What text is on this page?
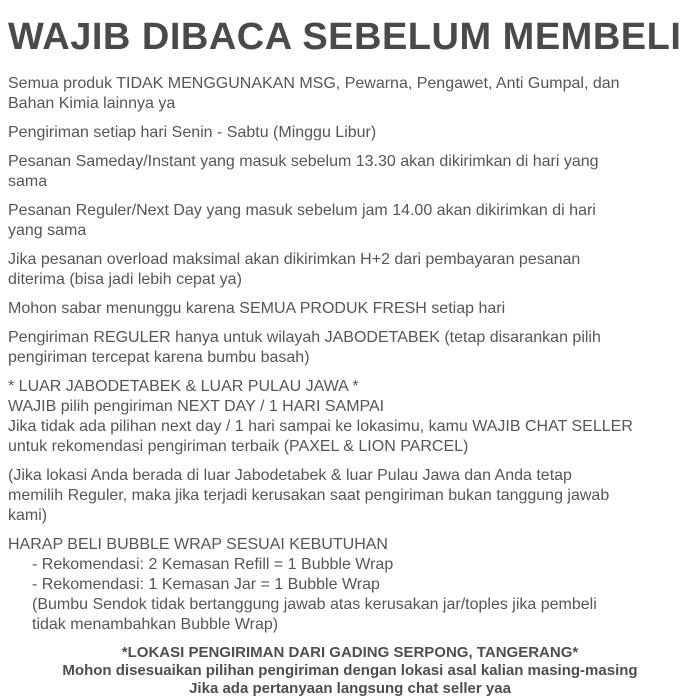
WAJIB DIBACA SEBELUM MEMBELI
Semua produk TIDAK MENGGUNAKAN MSG, Pewarna, Pengawet, Anti Gumpal, dan
Bahan Kimia lainnya ya
Pengiriman setiap hari Senin - Sabtu (Minggu Libur)
Pesanan Sameday/Instant yang masuk sebelum 13.30 akan dikirimkan di hari yang
sama
Pesanan Reguler/Next Day yang masuk sebelum jam 14.00 akan dikirimkan di hari
yang sama
Jika pesanan overload maksimal akan dikirimkan H+2 dari pembayaran pesanan
diterima (bisa jadi lebih cepat ya)
Mohon sabar menunggu karena SEMUA PRODUK FRESH setiap hari
Pengiriman REGULER hanya untuk wilayah JABODETABEK (tetap disarankan pilih
pengiriman tercepat karena bumbu basah)
* LUAR JABODETABEK & LUAR PULAU JAWA *
WAJIB pilih pengiriman NEXT DAY / 1 HARI SAMPAI
Jika tidak ada pilihan next day / 1 hari sampai ke lokasimu, kamu WAJIB CHAT SELLER
untuk rekomendasi pengiriman terbaik (PAXEL & LION PARCEL)
(Jika lokasi Anda berada di luar Jabodetabek & luar Pulau Jawa dan Anda tetap
memilih Reguler, maka jika terjadi kerusakan saat pengiriman bukan tanggung jawab
kami)
HARAP BELI BUBBLE WRAP SESUAI KEBUTUHAN
- Rekomendasi: 2 Kemasan Refill = 1 Bubble Wrap
- Rekomendasi: 1 Kemasan Jar = 1 Bubble Wrap
(Bumbu Sendok tidak bertanggung jawab atas kerusakan jar/toples jika pembeli
tidak menambahkan Bubble Wrap)
*LOKASI PENGIRIMAN DARI GADING SERPONG, TANGERANG*
Mohon disesuaikan pilihan pengiriman dengan lokasi asal kalian masing-masing
Jika ada pertanyaan langsung chat seller yaa
